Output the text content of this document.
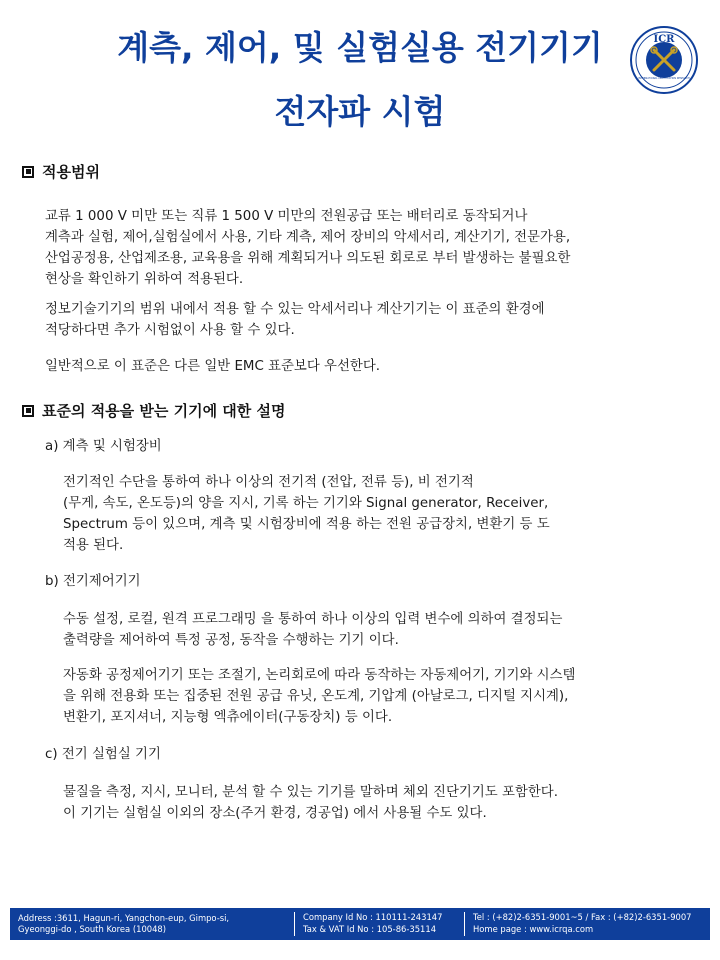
계측, 제어, 및 실험실용 전기기기
전자파 시험
ICR
INTERNATIONAL CERTIFICATION RESEARCH
적용범위

교류 1 000 V 미만 또는 직류 1 500 V 미만의 전원공급 또는 배터리로 동작되거나
계측과 실험, 제어,실험실에서 사용, 기타 계측, 제어 장비의 악세서리, 계산기기, 전문가용,
산업공정용, 산업제조용, 교육용을 위해 계획되거나 의도된 회로로 부터 발생하는 불필요한
현상을 확인하기 위하여 적용된다.

정보기술기기의 범위 내에서 적용 할 수 있는 악세서리나 계산기기는 이 표준의 환경에
적당하다면 추가 시험없이 사용 할 수 있다.

일반적으로 이 표준은 다른 일반 EMC 표준보다 우선한다.

표준의 적용을 받는 기기에 대한 설명
a) 계측 및 시험장비

전기적인 수단을 통하여 하나 이상의 전기적 (전압, 전류 등), 비 전기적
(무게, 속도, 온도등)의 양을 지시, 기록 하는 기기와 Signal generator, Receiver,
Spectrum 등이 있으며, 계측 및 시험장비에 적용 하는 전원 공급장치, 변환기 등 도
적용 된다.

b) 전기제어기기

수동 설정, 로컬, 원격 프로그래밍 을 통하여 하나 이상의 입력 변수에 의하여 결정되는
출력량을 제어하여 특정 공정, 동작을 수행하는 기기 이다.

자동화 공정제어기기 또는 조절기, 논리회로에 따라 동작하는 자동제어기, 기기와 시스템
을 위해 전용화 또는 집중된 전원 공급 유닛, 온도계, 기압계 (아날로그, 디지털 지시계),
변환기, 포지셔너, 지능형 엑츄에이터(구동장치) 등 이다.

c) 전기 실험실 기기

물질을 측정, 지시, 모니터, 분석 할 수 있는 기기를 말하며 체외 진단기기도 포함한다.
이 기기는 실험실 이외의 장소(주거 환경, 경공업) 에서 사용될 수도 있다.

Address :3611, Hagun-ri, Yangchon-eup, Gimpo-si,
Gyeonggi-do , South Korea (10048)
Company Id No : 110111-243147
Tax & VAT Id No : 105-86-35114
Tel : (+82)2-6351-9001~5 / Fax : (+82)2-6351-9007
Home page : www.icrqa.com
